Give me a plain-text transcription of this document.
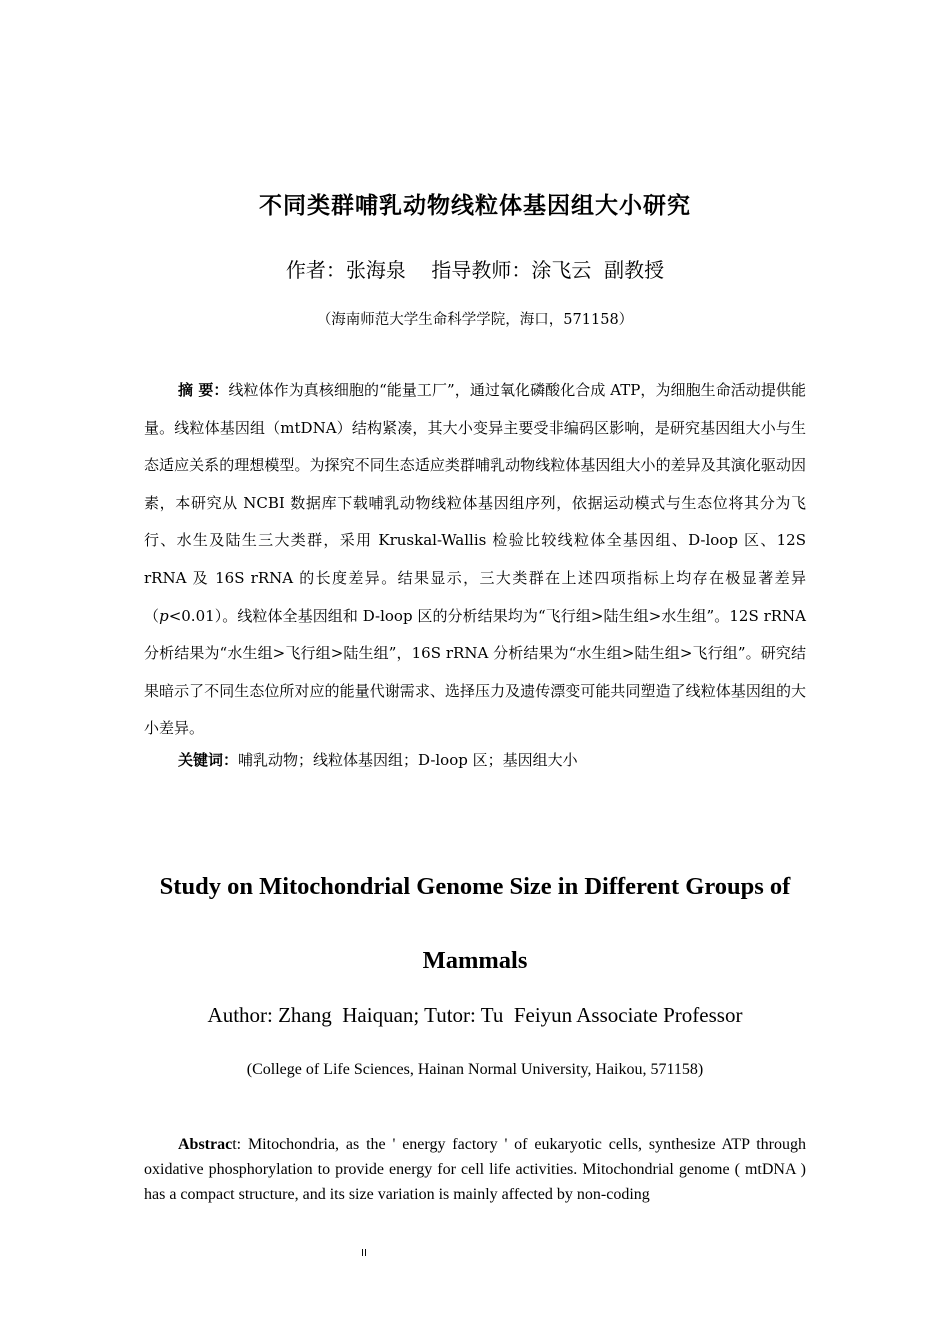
不同类群哺乳动物线粒体基因组大小研究
作者：张海泉    指导教师：涂飞云  副教授
（海南师范大学生命科学学院，海口，571158）

摘 要：线粒体作为真核细胞的“能量工厂”，通过氧化磷酸化合成 ATP，为细胞生命活动提供能量。线粒体基因组（mtDNA）结构紧凑，其大小变异主要受非编码区影响，是研究基因组大小与生态适应关系的理想模型。为探究不同生态适应类群哺乳动物线粒体基因组大小的差异及其演化驱动因素，本研究从 NCBI 数据库下载哺乳动物线粒体基因组序列，依据运动模式与生态位将其分为飞行、水生及陆生三大类群，采用 Kruskal-Wallis 检验比较线粒体全基因组、D-loop 区、12S rRNA 及 16S rRNA 的长度差异。结果显示，三大类群在上述四项指标上均存在极显著差异（p<0.01）。线粒体全基因组和 D-loop 区的分析结果均为“飞行组>陆生组>水生组”。12S rRNA 分析结果为“水生组>飞行组>陆生组”，16S rRNA 分析结果为“水生组>陆生组>飞行组”。研究结果暗示了不同生态位所对应的能量代谢需求、选择压力及遗传漂变可能共同塑造了线粒体基因组的大小差异。

关键词：哺乳动物；线粒体基因组；D-loop 区；基因组大小

Study on Mitochondrial Genome Size in Different Groups of Mammals
Author: Zhang  Haiquan; Tutor: Tu  Feiyun Associate Professor
(College of Life Sciences, Hainan Normal University, Haikou, 571158)

Abstract: Mitochondria, as the ' energy factory ' of eukaryotic cells, synthesize ATP through oxidative phosphorylation to provide energy for cell life activities. Mitochondrial genome ( mtDNA ) has a compact structure, and its size variation is mainly affected by non-coding

II
